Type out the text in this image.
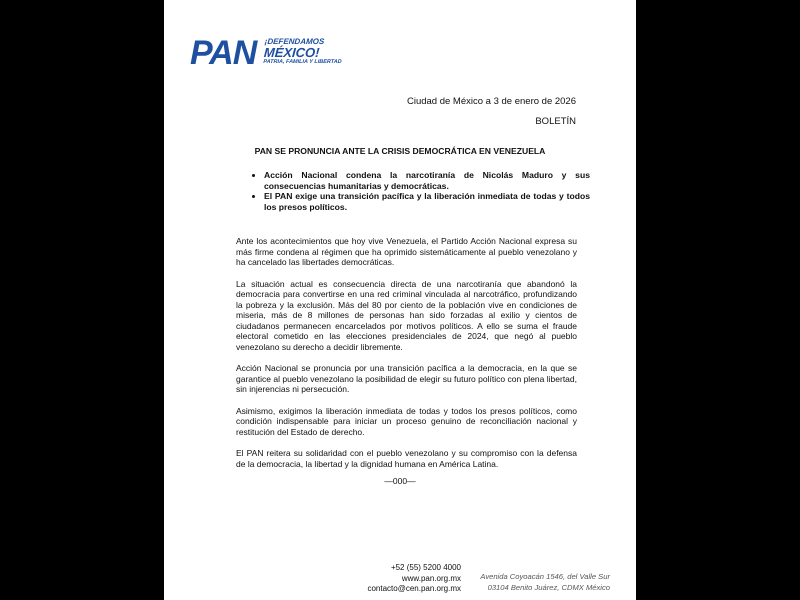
PAN ¡DEFENDAMOS
MÉXICO!
PATRIA, FAMILIA Y LIBERTAD
Ciudad de México a 3 de enero de 2026
BOLETÍN
PAN SE PRONUNCIA ANTE LA CRISIS DEMOCRÁTICA EN VENEZUELA
• Acción Nacional condena la narcotiranía de Nicolás Maduro y sus consecuencias humanitarias y democráticas.
• El PAN exige una transición pacífica y la liberación inmediata de todas y todos los presos políticos.

Ante los acontecimientos que hoy vive Venezuela, el Partido Acción Nacional expresa su más firme condena al régimen que ha oprimido sistemáticamente al pueblo venezolano y ha cancelado las libertades democráticas.

La situación actual es consecuencia directa de una narcotiranía que abandonó la democracia para convertirse en una red criminal vinculada al narcotráfico, profundizando la pobreza y la exclusión. Más del 80 por ciento de la población vive en condiciones de miseria, más de 8 millones de personas han sido forzadas al exilio y cientos de ciudadanos permanecen encarcelados por motivos políticos. A ello se suma el fraude electoral cometido en las elecciones presidenciales de 2024, que negó al pueblo venezolano su derecho a decidir libremente.

Acción Nacional se pronuncia por una transición pacífica a la democracia, en la que se garantice al pueblo venezolano la posibilidad de elegir su futuro político con plena libertad, sin injerencias ni persecución.

Asimismo, exigimos la liberación inmediata de todas y todos los presos políticos, como condición indispensable para iniciar un proceso genuino de reconciliación nacional y restitución del Estado de derecho.

El PAN reitera su solidaridad con el pueblo venezolano y su compromiso con la defensa de la democracia, la libertad y la dignidad humana en América Latina.

—000—
+52 (55) 5200 4000
www.pan.org.mx
contacto@cen.pan.org.mx
Avenida Coyoacán 1546, del Valle Sur
03104 Benito Juárez, CDMX México
